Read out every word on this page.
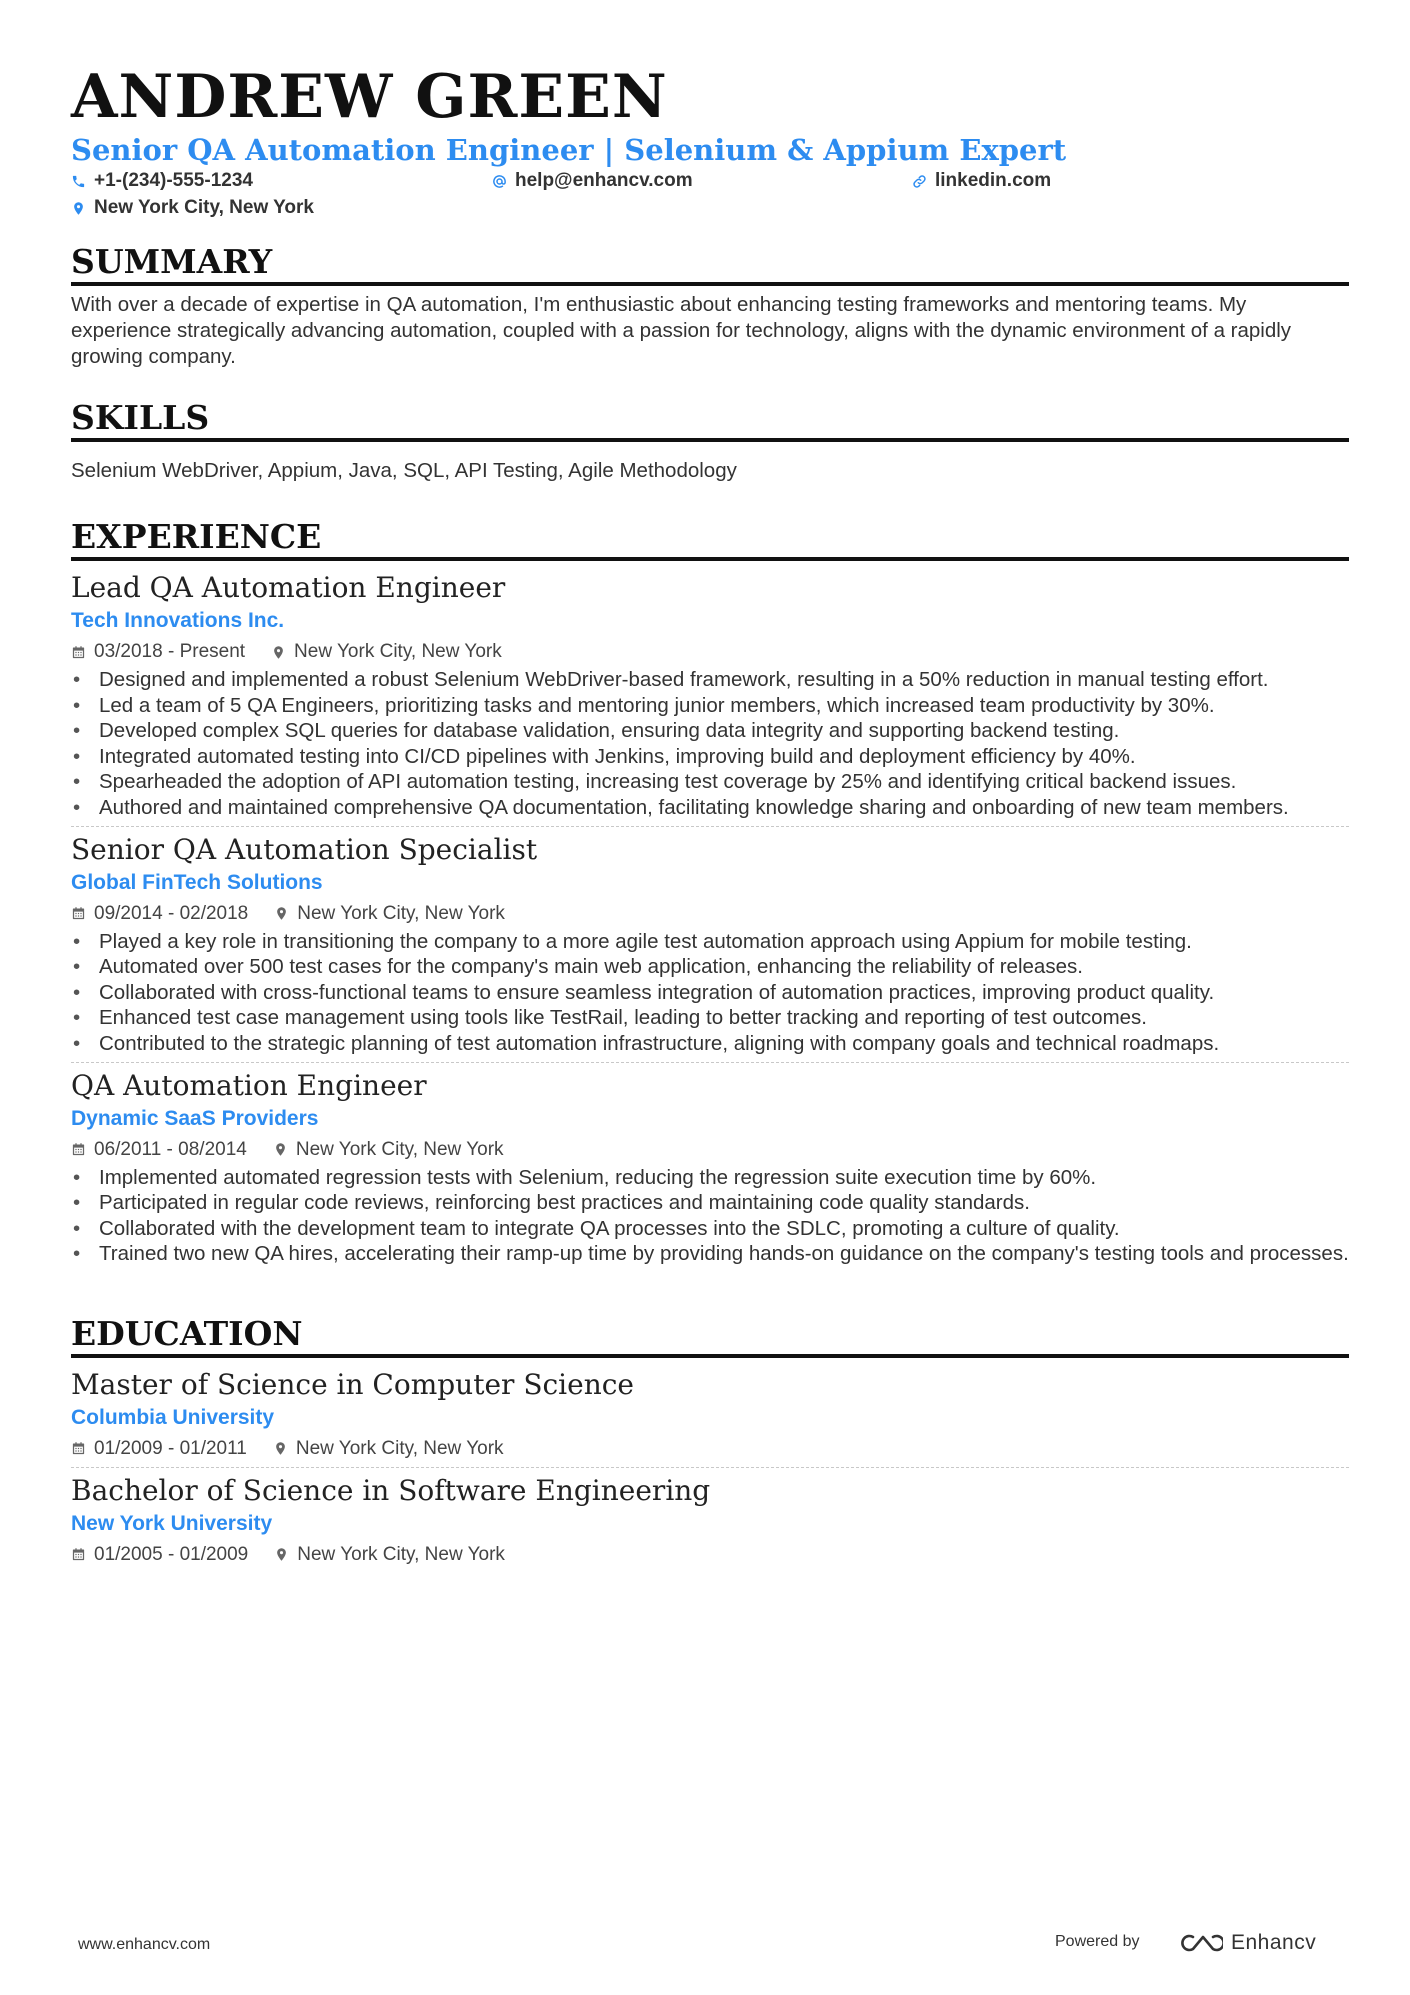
ANDREW GREEN
Senior QA Automation Engineer | Selenium & Appium Expert
+1-(234)-555-1234	help@enhancv.com	linkedin.com
New York City, New York
SUMMARY

With over a decade of expertise in QA automation, I'm enthusiastic about enhancing testing frameworks and mentoring teams. My experience strategically advancing automation, coupled with a passion for technology, aligns with the dynamic environment of a rapidly growing company.

SKILLS

Selenium WebDriver, Appium, Java, SQL, API Testing, Agile Methodology

EXPERIENCE
Lead QA Automation Engineer
Tech Innovations Inc.
03/2018 - Present	New York City, New York
• Designed and implemented a robust Selenium WebDriver-based framework, resulting in a 50% reduction in manual testing effort.
• Led a team of 5 QA Engineers, prioritizing tasks and mentoring junior members, which increased team productivity by 30%.
• Developed complex SQL queries for database validation, ensuring data integrity and supporting backend testing.
• Integrated automated testing into CI/CD pipelines with Jenkins, improving build and deployment efficiency by 40%.
• Spearheaded the adoption of API automation testing, increasing test coverage by 25% and identifying critical backend issues.
• Authored and maintained comprehensive QA documentation, facilitating knowledge sharing and onboarding of new team members.
Senior QA Automation Specialist
Global FinTech Solutions
09/2014 - 02/2018	New York City, New York
• Played a key role in transitioning the company to a more agile test automation approach using Appium for mobile testing.
• Automated over 500 test cases for the company's main web application, enhancing the reliability of releases.
• Collaborated with cross-functional teams to ensure seamless integration of automation practices, improving product quality.
• Enhanced test case management using tools like TestRail, leading to better tracking and reporting of test outcomes.
• Contributed to the strategic planning of test automation infrastructure, aligning with company goals and technical roadmaps.
QA Automation Engineer
Dynamic SaaS Providers
06/2011 - 08/2014	New York City, New York
• Implemented automated regression tests with Selenium, reducing the regression suite execution time by 60%.
• Participated in regular code reviews, reinforcing best practices and maintaining code quality standards.
• Collaborated with the development team to integrate QA processes into the SDLC, promoting a culture of quality.
• Trained two new QA hires, accelerating their ramp-up time by providing hands-on guidance on the company's testing tools and processes.
EDUCATION
Master of Science in Computer Science
Columbia University
01/2009 - 01/2011	New York City, New York
Bachelor of Science in Software Engineering
New York University
01/2005 - 01/2009	New York City, New York
www.enhancv.com	Powered by	Enhancv
